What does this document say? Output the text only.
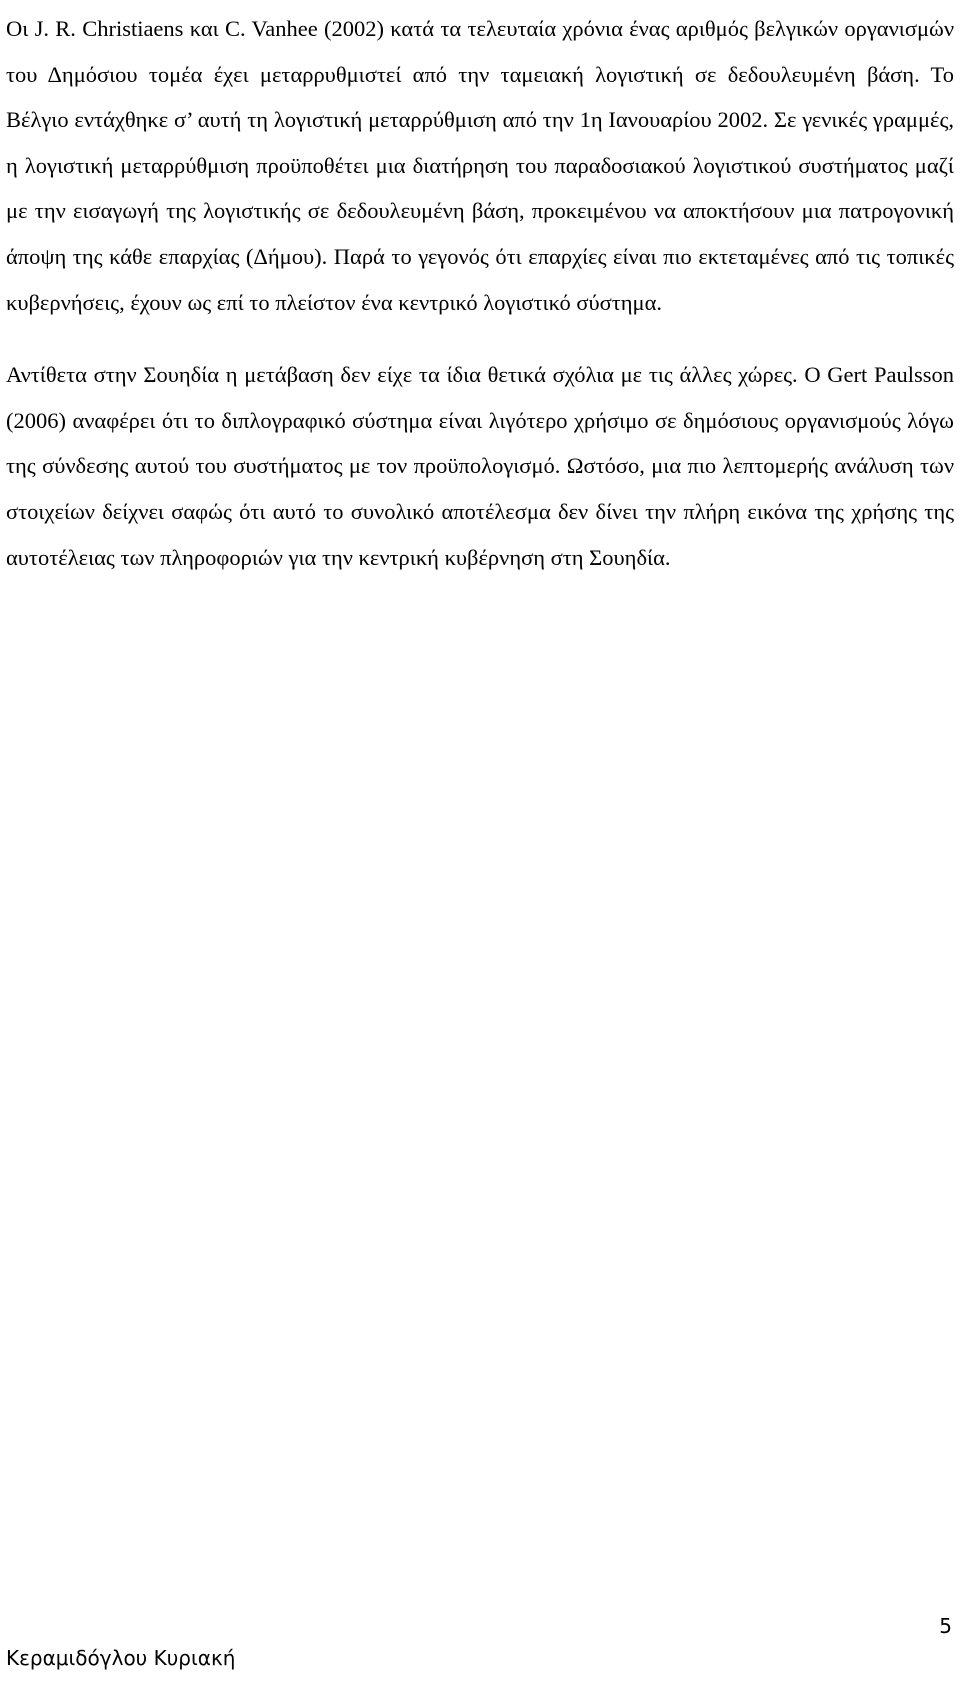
Οι J. R. Christiaens και C. Vanhee (2002) κατά τα τελευταία χρόνια ένας αριθμός βελγικών οργανισμών του Δημόσιου τομέα έχει μεταρρυθμιστεί από την ταμειακή λογιστική σε δεδουλευμένη βάση. Το Βέλγιο εντάχθηκε σ’ αυτή τη λογιστική μεταρρύθμιση από την 1η Ιανουαρίου 2002. Σε γενικές γραμμές, η λογιστική μεταρρύθμιση προϋποθέτει μια διατήρηση του παραδοσιακού λογιστικού συστήματος μαζί με την εισαγωγή της λογιστικής σε δεδουλευμένη βάση, προκειμένου να αποκτήσουν μια πατρογονική άποψη της κάθε επαρχίας (Δήμου). Παρά το γεγονός ότι επαρχίες είναι πιο εκτεταμένες από τις τοπικές κυβερνήσεις, έχουν ως επί το πλείστον ένα κεντρικό λογιστικό σύστημα.

Αντίθετα στην Σουηδία η μετάβαση δεν είχε τα ίδια θετικά σχόλια με τις άλλες χώρες. Ο Gert Paulsson (2006) αναφέρει ότι το διπλογραφικό σύστημα είναι λιγότερο χρήσιμο σε δημόσιους οργανισμούς λόγω της σύνδεσης αυτού του συστήματος με τον προϋπολογισμό. Ωστόσο, μια πιο λεπτομερής ανάλυση των στοιχείων δείχνει σαφώς ότι αυτό το συνολικό αποτέλεσμα δεν δίνει την πλήρη εικόνα της χρήσης της αυτοτέλειας των πληροφοριών για την κεντρική κυβέρνηση στη Σουηδία.

5
Κεραμιδόγλου Κυριακή
